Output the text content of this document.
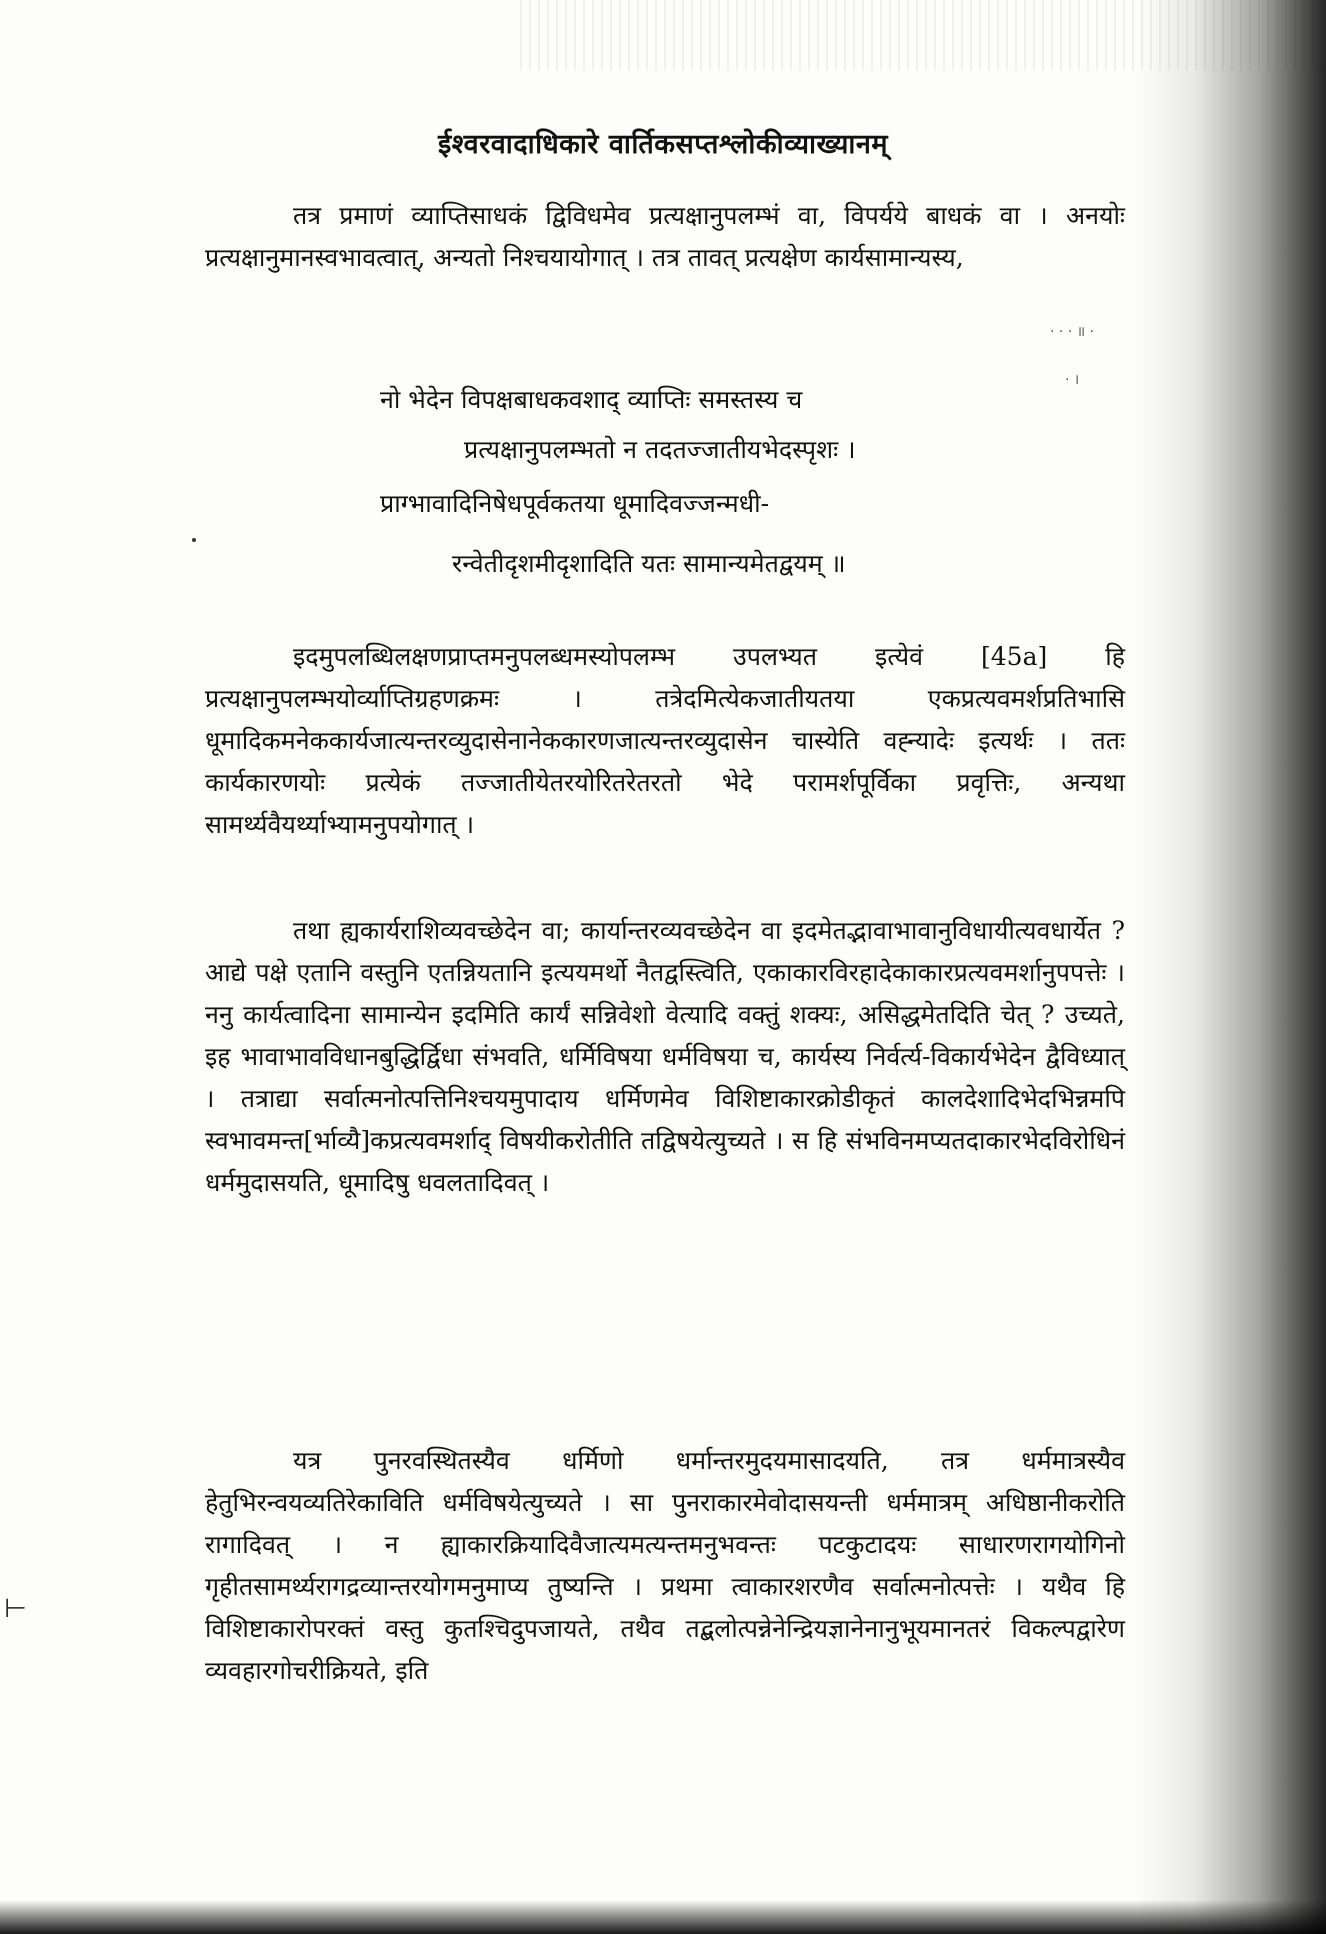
ईश्वरवादाधिकारे वार्तिकसप्तश्लोकीव्याख्यानम्
तत्र प्रमाणं व्याप्तिसाधकं द्विविधमेव प्रत्यक्षानुपलम्भं वा, विपर्यये बाधकं वा । अनयोः प्रत्यक्षानुमानस्वभावत्वात्, अन्यतो निश्चयायोगात् । तत्र तावत् प्रत्यक्षेण कार्यसामान्यस्य,
· · · ॥ ·
· ।
नो भेदेन विपक्षबाधकवशाद् व्याप्तिः समस्तस्य च
प्रत्यक्षानुपलम्भतो न तदतज्जातीयभेदस्पृशः ।
प्राग्भावादिनिषेधपूर्वकतया धूमादिवज्जन्मधी-
रन्वेतीदृशमीदृशादिति यतः सामान्यमेतद्वयम् ॥
इदमुपलब्धिलक्षणप्राप्तमनुपलब्धमस्योपलम्भ उपलभ्यत इत्येवं [45a] हि प्रत्यक्षानुपलम्भयोर्व्याप्तिग्रहणक्रमः । तत्रेदमित्येकजातीयतया एकप्रत्यवमर्शप्रतिभासि धूमादिकमनेककार्यजात्यन्तरव्युदासेनानेककारणजात्यन्तरव्युदासेन चास्येति वह्न्यादेः इत्यर्थः । ततः कार्यकारणयोः प्रत्येकं तज्जातीयेतरयोरितरेतरतो भेदे परामर्शपूर्विका प्रवृत्तिः, अन्यथा सामर्थ्यवैयर्थ्याभ्यामनुपयोगात् ।
तथा ह्यकार्यराशिव्यवच्छेदेन वा; कार्यान्तरव्यवच्छेदेन वा इदमेतद्भावाभावानुविधायीत्यवधार्येत ? आद्ये पक्षे एतानि वस्तुनि एतन्नियतानि इत्ययमर्थो नैतद्वस्त्विति, एकाकारविरहादेकाकारप्रत्यवमर्शानुपपत्तेः । ननु कार्यत्वादिना सामान्येन इदमिति कार्यं सन्निवेशो वेत्यादि वक्तुं शक्यः, असिद्धमेतदिति चेत् ? उच्यते, इह भावाभावविधानबुद्धिर्द्विधा संभवति, धर्मिविषया धर्मविषया च, कार्यस्य निर्वर्त्य-विकार्यभेदेन द्वैविध्यात् । तत्राद्या सर्वात्मनोत्पत्तिनिश्चयमुपादाय धर्मिणमेव विशिष्टाकारक्रोडीकृतं कालदेशादिभेदभिन्नमपि स्वभावमन्त[र्भाव्यै]कप्रत्यवमर्शाद् विषयीकरोतीति तद्विषयेत्युच्यते । स हि संभविनमप्यतदाकारभेदविरोधिनं धर्ममुदासयति, धूमादिषु धवलतादिवत् ।
यत्र पुनरवस्थितस्यैव धर्मिणो धर्मान्तरमुदयमासादयति, तत्र धर्ममात्रस्यैव हेतुभिरन्वयव्यतिरेकाविति धर्मविषयेत्युच्यते । सा पुनराकारमेवोदासयन्ती धर्ममात्रम् अधिष्ठानीकरोति रागादिवत् । न ह्याकारक्रियादिवैजात्यमत्यन्तमनुभवन्तः पटकुटादयः साधारणरागयोगिनो गृहीतसामर्थ्यरागद्रव्यान्तरयोगमनुमाप्य तुष्यन्ति । प्रथमा त्वाकारशरणैव सर्वात्मनोत्पत्तेः । यथैव हि विशिष्टाकारोपरक्तं वस्तु कुतश्चिदुपजायते, तथैव तद्बलोत्पन्नेनेन्द्रियज्ञानेनानुभूयमानतरं विकल्पद्वारेण व्यवहारगोचरीक्रियते, इति
⊢
